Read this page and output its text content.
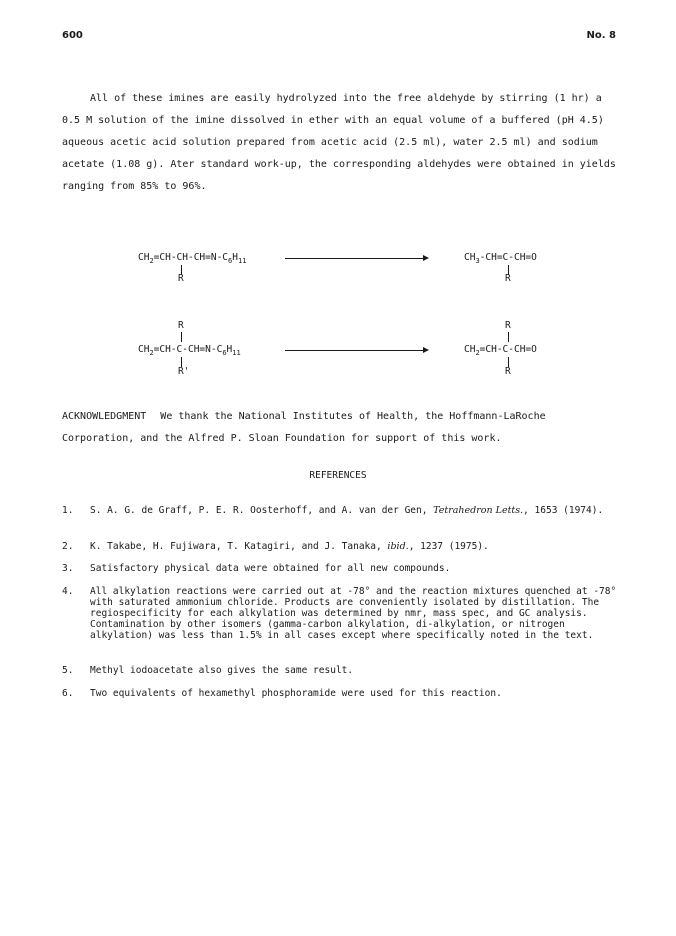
600	No. 8

All of these imines are easily hydrolyzed into the free aldehyde by stirring (1 hr) a 0.5 M solution of the imine dissolved in ether with an equal volume of a buffered (pH 4.5) aqueous acetic acid solution prepared from acetic acid (2.5 ml), water 2.5 ml) and sodium acetate (1.08 g). Ater standard work-up, the corresponding aldehydes were obtained in yields ranging from 85% to 96%.

$CH_2=CH-CH-CH=N-C_6H_{11}$
R
$CH_3-CH=C-CH=O$
R
R
$CH_2=CH-C-CH=N-C_6H_{11}$
R'
R
$CH_2=CH-C-CH=O$
R

ACKNOWLEDGMENT We thank the National Institutes of Health, the Hoffmann-LaRoche Corporation, and the Alfred P. Sloan Foundation for support of this work.

REFERENCES
1. S. A. G. de Graff, P. E. R. Oosterhoff, and A. van der Gen, Tetrahedron Letts., 1653 (1974).
2. K. Takabe, H. Fujiwara, T. Katagiri, and J. Tanaka, ibid., 1237 (1975).
3. Satisfactory physical data were obtained for all new compounds.
4. All alkylation reactions were carried out at -78° and the reaction mixtures quenched at -78° with saturated ammonium chloride. Products are conveniently isolated by distillation. The regiospecificity for each alkylation was determined by nmr, mass spec, and GC analysis. Contamination by other isomers (gamma-carbon alkylation, di-alkylation, or nitrogen alkylation) was less than 1.5% in all cases except where specifically noted in the text.
5. Methyl iodoacetate also gives the same result.
6. Two equivalents of hexamethyl phosphoramide were used for this reaction.
